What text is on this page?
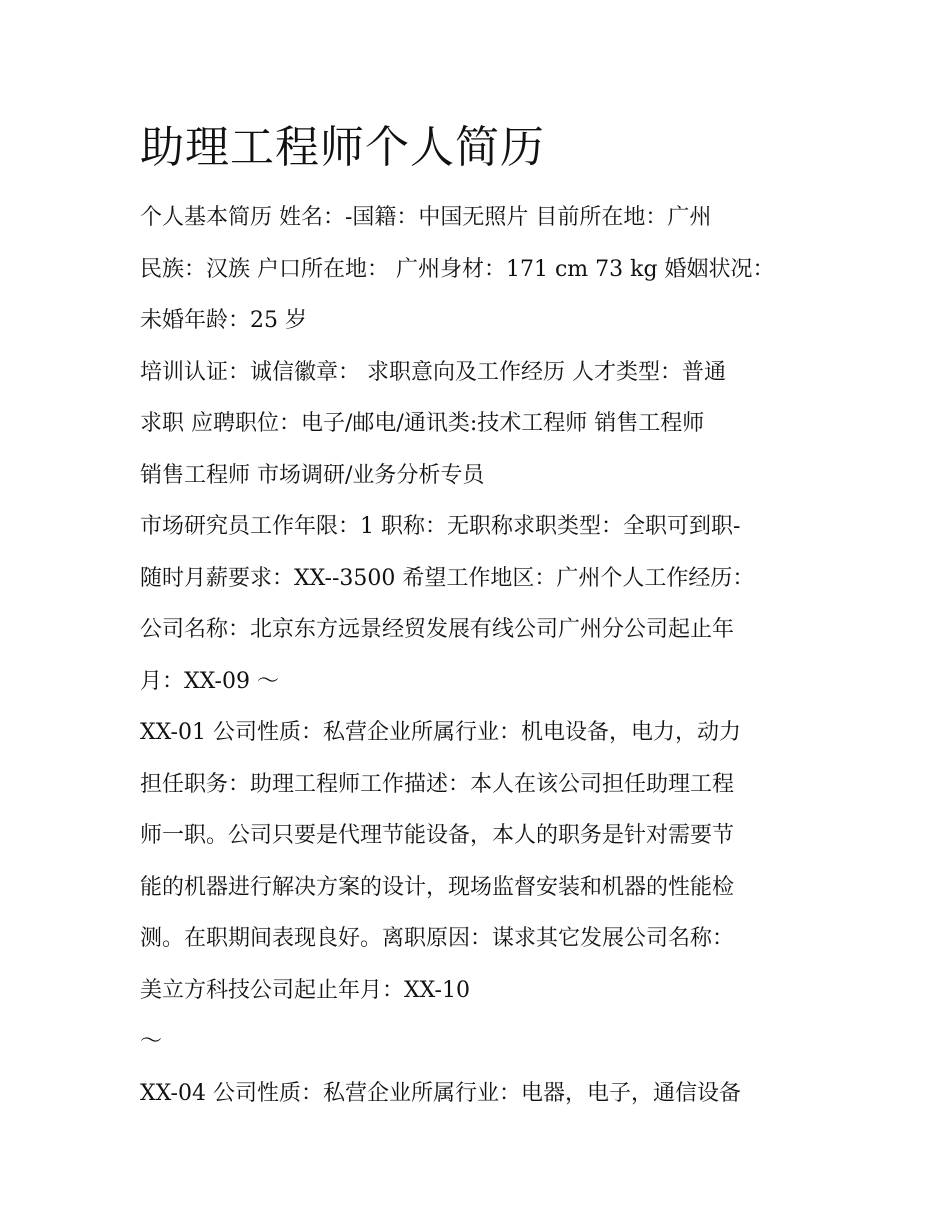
助理工程师个人简历
个人基本简历 姓名：-国籍：中国无照片 目前所在地：广州
民族：汉族 户口所在地： 广州身材：171 cm 73 kg 婚姻状况：
未婚年龄：25 岁
培训认证：诚信徽章： 求职意向及工作经历 人才类型：普通
求职 应聘职位：电子/邮电/通讯类:技术工程师 销售工程师
销售工程师 市场调研/业务分析专员
市场研究员工作年限：1 职称：无职称求职类型：全职可到职-
随时月薪要求：XX--3500 希望工作地区：广州个人工作经历：
公司名称：北京东方远景经贸发展有线公司广州分公司起止年
月：XX-09 ～
XX-01 公司性质：私营企业所属行业：机电设备，电力，动力
担任职务：助理工程师工作描述：本人在该公司担任助理工程
师一职。公司只要是代理节能设备，本人的职务是针对需要节
能的机器进行解决方案的设计，现场监督安装和机器的性能检
测。在职期间表现良好。离职原因：谋求其它发展公司名称：
美立方科技公司起止年月：XX-10
～
XX-04 公司性质：私营企业所属行业：电器，电子，通信设备
